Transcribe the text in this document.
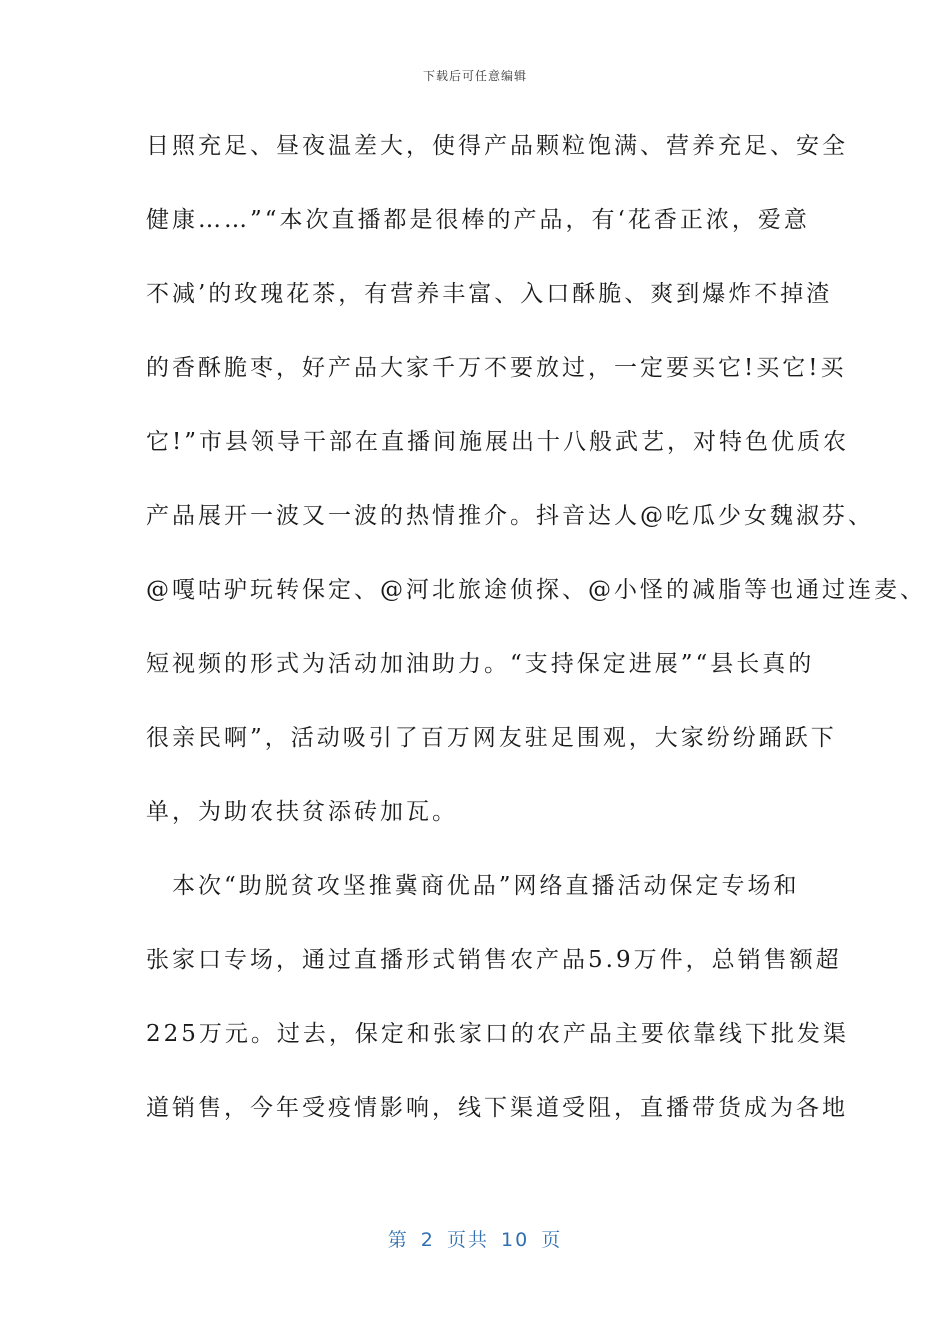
下载后可任意编辑
日照充足、昼夜温差大，使得产品颗粒饱满、营养充足、安全
健康……”“本次直播都是很棒的产品，有‘花香正浓，爱意
不减’的玫瑰花茶，有营养丰富、入口酥脆、爽到爆炸不掉渣
的香酥脆枣，好产品大家千万不要放过，一定要买它!买它!买
它!”市县领导干部在直播间施展出十八般武艺，对特色优质农
产品展开一波又一波的热情推介。抖音达人@吃瓜少女魏淑芬、
@嘎咕驴玩转保定、@河北旅途侦探、@小怪的减脂等也通过连麦、
短视频的形式为活动加油助力。“支持保定进展”“县长真的
很亲民啊”，活动吸引了百万网友驻足围观，大家纷纷踊跃下
单，为助农扶贫添砖加瓦。
　本次“助脱贫攻坚推冀商优品”网络直播活动保定专场和
张家口专场，通过直播形式销售农产品5.9万件，总销售额超
225万元。过去，保定和张家口的农产品主要依靠线下批发渠
道销售，今年受疫情影响，线下渠道受阻，直播带货成为各地
第 2 页共 10 页
